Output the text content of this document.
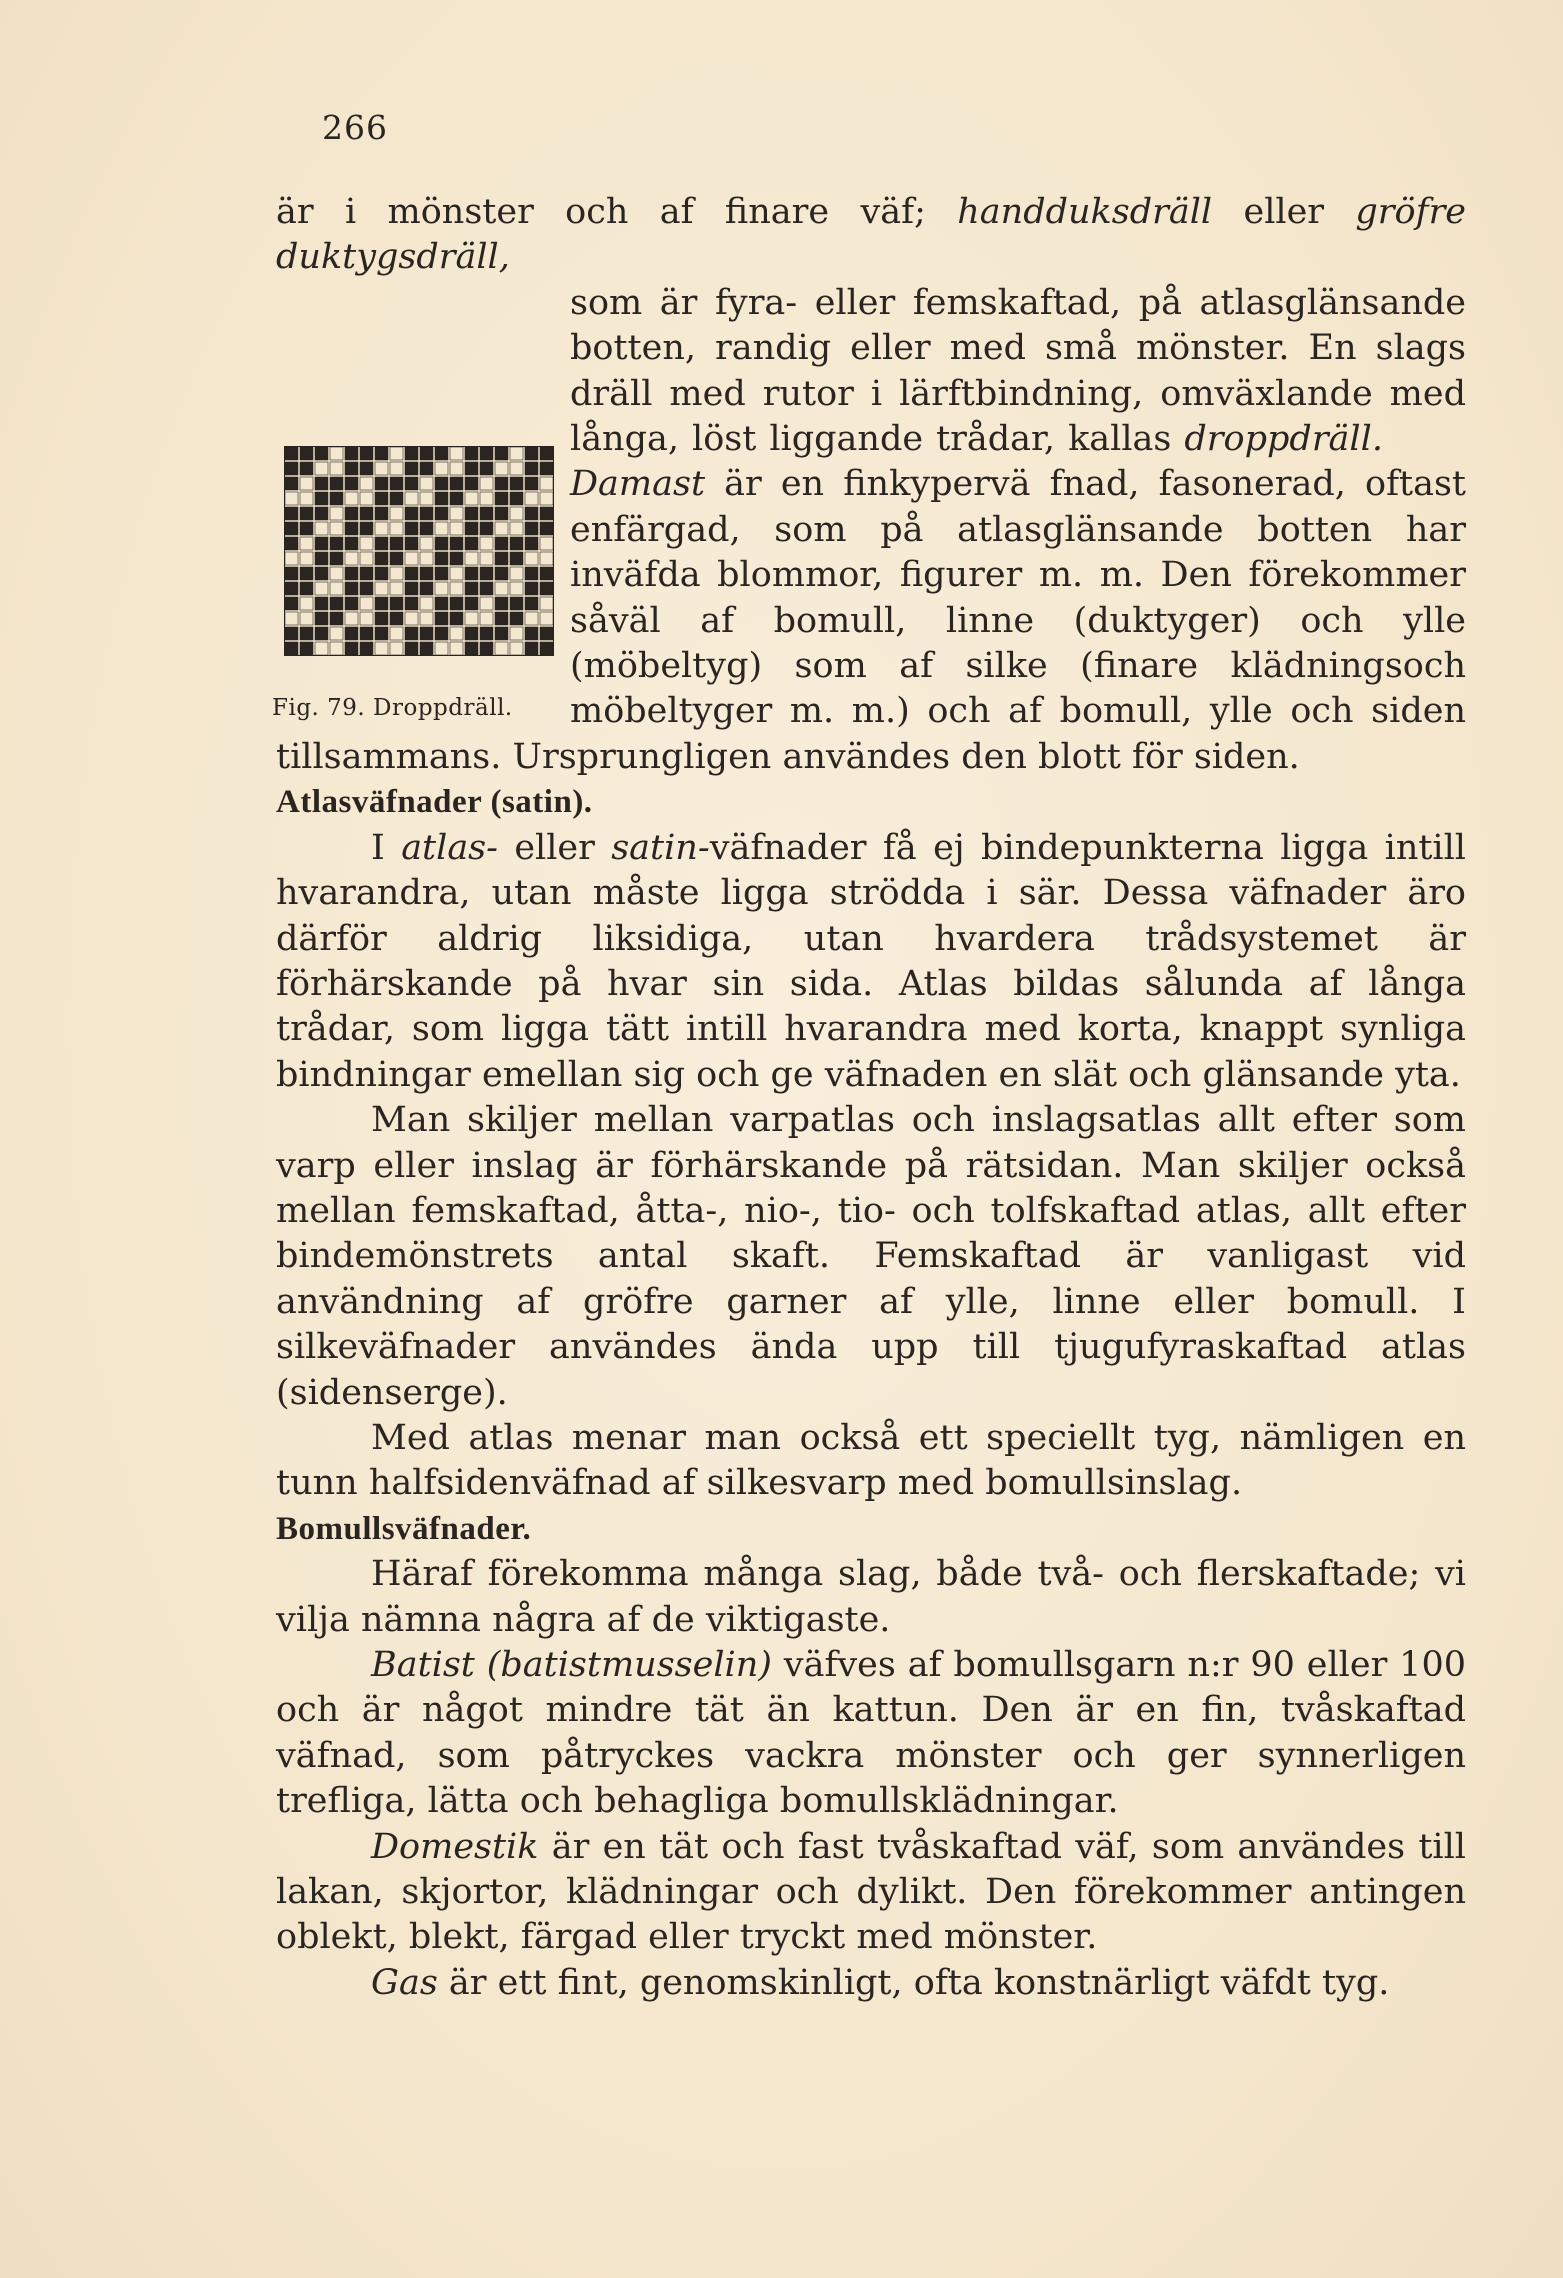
266

är i mönster och af finare väf; handduksdräll eller gröfre duktygsdräll,
Fig. 79. Droppdräll.
som är fyra- eller femskaftad, på atlasglänsande botten, randig eller med små mönster. En slags dräll med rutor i lärftbindning, omväxlande med långa, löst liggande trådar, kallas droppdräll. Damast är en finkypervä fnad, fasonerad, oftast enfärgad, som på atlasglänsande botten har inväfda blommor, figurer m. m. Den förekommer såväl af bomull, linne (duktyger) och ylle (möbeltyg) som af silke (finare klädningsoch möbeltyger m. m.) och af bomull, ylle och siden tillsammans. Ursprungligen användes den blott för siden.

Atlasväfnader (satin).

I atlas- eller satin-väfnader få ej bindepunkterna ligga intill hvarandra, utan måste ligga strödda i sär. Dessa väfnader äro därför aldrig liksidiga, utan hvardera trådsystemet är förhärskande på hvar sin sida. Atlas bildas sålunda af långa trådar, som ligga tätt intill hvarandra med korta, knappt synliga bindningar emellan sig och ge väfnaden en slät och glänsande yta.

Man skiljer mellan varpatlas och inslagsatlas allt efter som varp eller inslag är förhärskande på rätsidan. Man skiljer också mellan femskaftad, åtta-, nio-, tio- och tolfskaftad atlas, allt efter bindemönstrets antal skaft. Femskaftad är vanligast vid användning af gröfre garner af ylle, linne eller bomull. I silkeväfnader användes ända upp till tjugufyraskaftad atlas (sidenserge).

Med atlas menar man också ett speciellt tyg, nämligen en tunn halfsidenväfnad af silkesvarp med bomullsinslag.

Bomullsväfnader.

Häraf förekomma många slag, både två- och flerskaftade; vi vilja nämna några af de viktigaste.

Batist (batistmusselin) väfves af bomullsgarn n:r 90 eller 100 och är något mindre tät än kattun. Den är en fin, tvåskaftad väfnad, som påtryckes vackra mönster och ger synnerligen trefliga, lätta och behagliga bomullsklädningar.

Domestik är en tät och fast tvåskaftad väf, som användes till lakan, skjortor, klädningar och dylikt. Den förekommer antingen oblekt, blekt, färgad eller tryckt med mönster.

Gas är ett fint, genomskinligt, ofta konstnärligt väfdt tyg.
